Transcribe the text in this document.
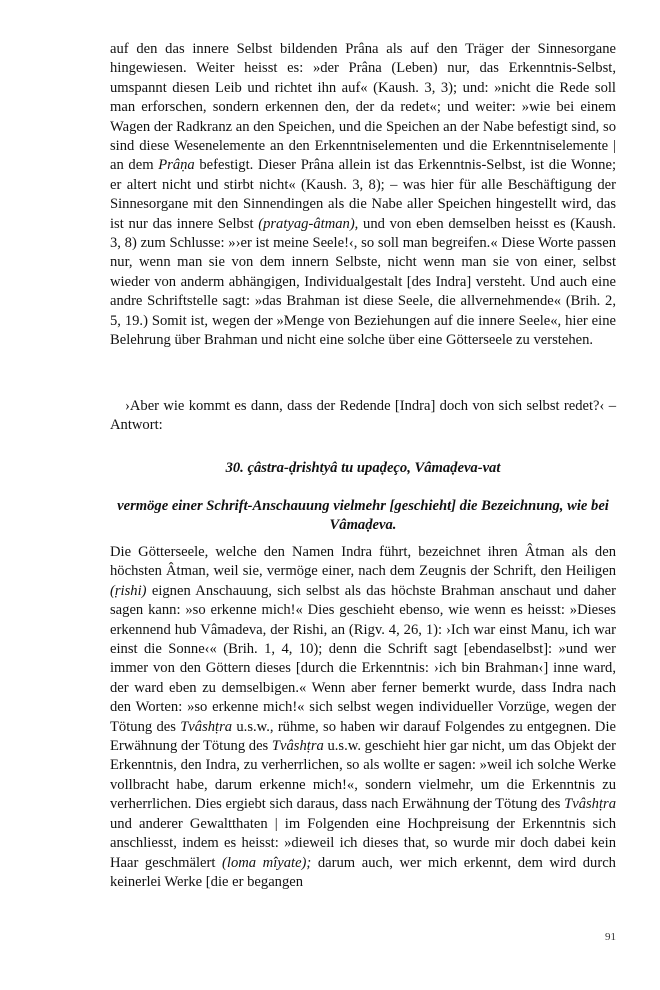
auf den das innere Selbst bildenden Prâna als auf den Träger der Sinnesorgane hingewiesen. Weiter heisst es: »der Prâna (Leben) nur, das Erkenntnis-Selbst, umspannt diesen Leib und richtet ihn auf« (Kaush. 3, 3); und: »nicht die Rede soll man erforschen, sondern erkennen den, der da redet«; und weiter: »wie bei einem Wagen der Radkranz an den Speichen, und die Speichen an der Nabe befestigt sind, so sind diese Wesenelemente an den Erkenntniselementen und die Erkenntniselemente | an dem Prâṇa befestigt. Dieser Prâna allein ist das Erkenntnis-Selbst, ist die Wonne; er altert nicht und stirbt nicht« (Kaush. 3, 8); – was hier für alle Beschäftigung der Sinnesorgane mit den Sinnendingen als die Nabe aller Speichen hingestellt wird, das ist nur das innere Selbst (pratyag-âtman), und von eben demselben heisst es (Kaush. 3, 8) zum Schlusse: »›er ist meine Seele!‹, so soll man begreifen.« Diese Worte passen nur, wenn man sie von dem innern Selbste, nicht wenn man sie von einer, selbst wieder von anderm abhängigen, Individualgestalt [des Indra] versteht. Und auch eine andre Schriftstelle sagt: »das Brahman ist diese Seele, die allvernehmende« (Brih. 2, 5, 19.) Somit ist, wegen der »Menge von Beziehungen auf die innere Seele«, hier eine Belehrung über Brahman und nicht eine solche über eine Götterseele zu verstehen.
›Aber wie kommt es dann, dass der Redende [Indra] doch von sich selbst redet?‹ – Antwort:
30. çâstra-ḍrishtyâ tu upaḍeço, Vâmaḍeva-vat
vermöge einer Schrift-Anschauung vielmehr [geschieht] die Bezeichnung, wie bei Vâmaḍeva.
Die Götterseele, welche den Namen Indra führt, bezeichnet ihren Âtman als den höchsten Âtman, weil sie, vermöge einer, nach dem Zeugnis der Schrift, den Heiligen (ṛishi) eignen Anschauung, sich selbst als das höchste Brahman anschaut und daher sagen kann: »so erkenne mich!« Dies geschieht ebenso, wie wenn es heisst: »Dieses erkennend hub Vâmadeva, der Rishi, an (Rigv. 4, 26, 1): ›Ich war einst Manu, ich war einst die Sonne‹« (Brih. 1, 4, 10); denn die Schrift sagt [ebendaselbst]: »und wer immer von den Göttern dieses [durch die Erkenntnis: ›ich bin Brahman‹] inne ward, der ward eben zu demselbigen.« Wenn aber ferner bemerkt wurde, dass Indra nach den Worten: »so erkenne mich!« sich selbst wegen individueller Vorzüge, wegen der Tötung des Tvâshṭra u.s.w., rühme, so haben wir darauf Folgendes zu entgegnen. Die Erwähnung der Tötung des Tvâshṭra u.s.w. geschieht hier gar nicht, um das Objekt der Erkenntnis, den Indra, zu verherrlichen, so als wollte er sagen: »weil ich solche Werke vollbracht habe, darum erkenne mich!«, sondern vielmehr, um die Erkenntnis zu verherrlichen. Dies ergiebt sich daraus, dass nach Erwähnung der Tötung des Tvâshṭra und anderer Gewaltthaten | im Folgenden eine Hochpreisung der Erkenntnis sich anschliesst, indem es heisst: »dieweil ich dieses that, so wurde mir doch dabei kein Haar geschmälert (loma mîyate); darum auch, wer mich erkennt, dem wird durch keinerlei Werke [die er begangen
91
